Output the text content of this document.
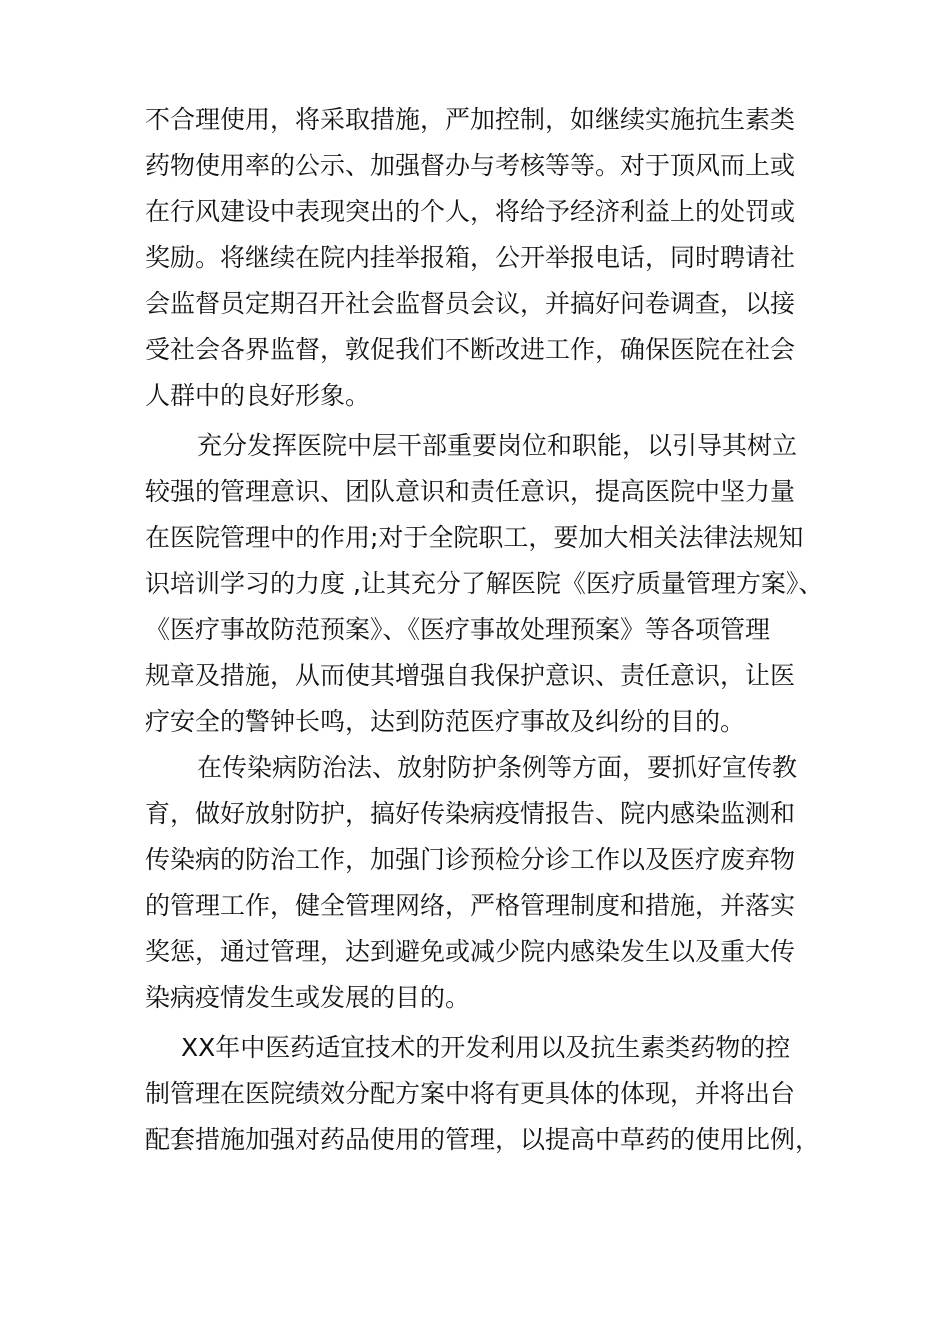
不合理使用，将采取措施，严加控制，如继续实施抗生素类
药物使用率的公示、加强督办与考核等等。对于顶风而上或
在行风建设中表现突出的个人，将给予经济利益上的处罚或
奖励。将继续在院内挂举报箱，公开举报电话，同时聘请社
会监督员定期召开社会监督员会议，并搞好问卷调查，以接
受社会各界监督，敦促我们不断改进工作，确保医院在社会
人群中的良好形象。
充分发挥医院中层干部重要岗位和职能，以引导其树立
较强的管理意识、团队意识和责任意识，提高医院中坚力量
在医院管理中的作用;对于全院职工，要加大相关法律法规知
识培训学习的力度 ,让其充分了解医院《医疗质量管理方案》、
《医疗事故防范预案》、《医疗事故处理预案》等各项管理
规章及措施，从而使其增强自我保护意识、责任意识，让医
疗安全的警钟长鸣，达到防范医疗事故及纠纷的目的。
在传染病防治法、放射防护条例等方面，要抓好宣传教
育，做好放射防护，搞好传染病疫情报告、院内感染监测和
传染病的防治工作，加强门诊预检分诊工作以及医疗废弃物
的管理工作，健全管理网络，严格管理制度和措施，并落实
奖惩，通过管理，达到避免或减少院内感染发生以及重大传
染病疫情发生或发展的目的。
XX年中医药适宜技术的开发利用以及抗生素类药物的控
制管理在医院绩效分配方案中将有更具体的体现，并将出台
配套措施加强对药品使用的管理，以提高中草药的使用比例，
